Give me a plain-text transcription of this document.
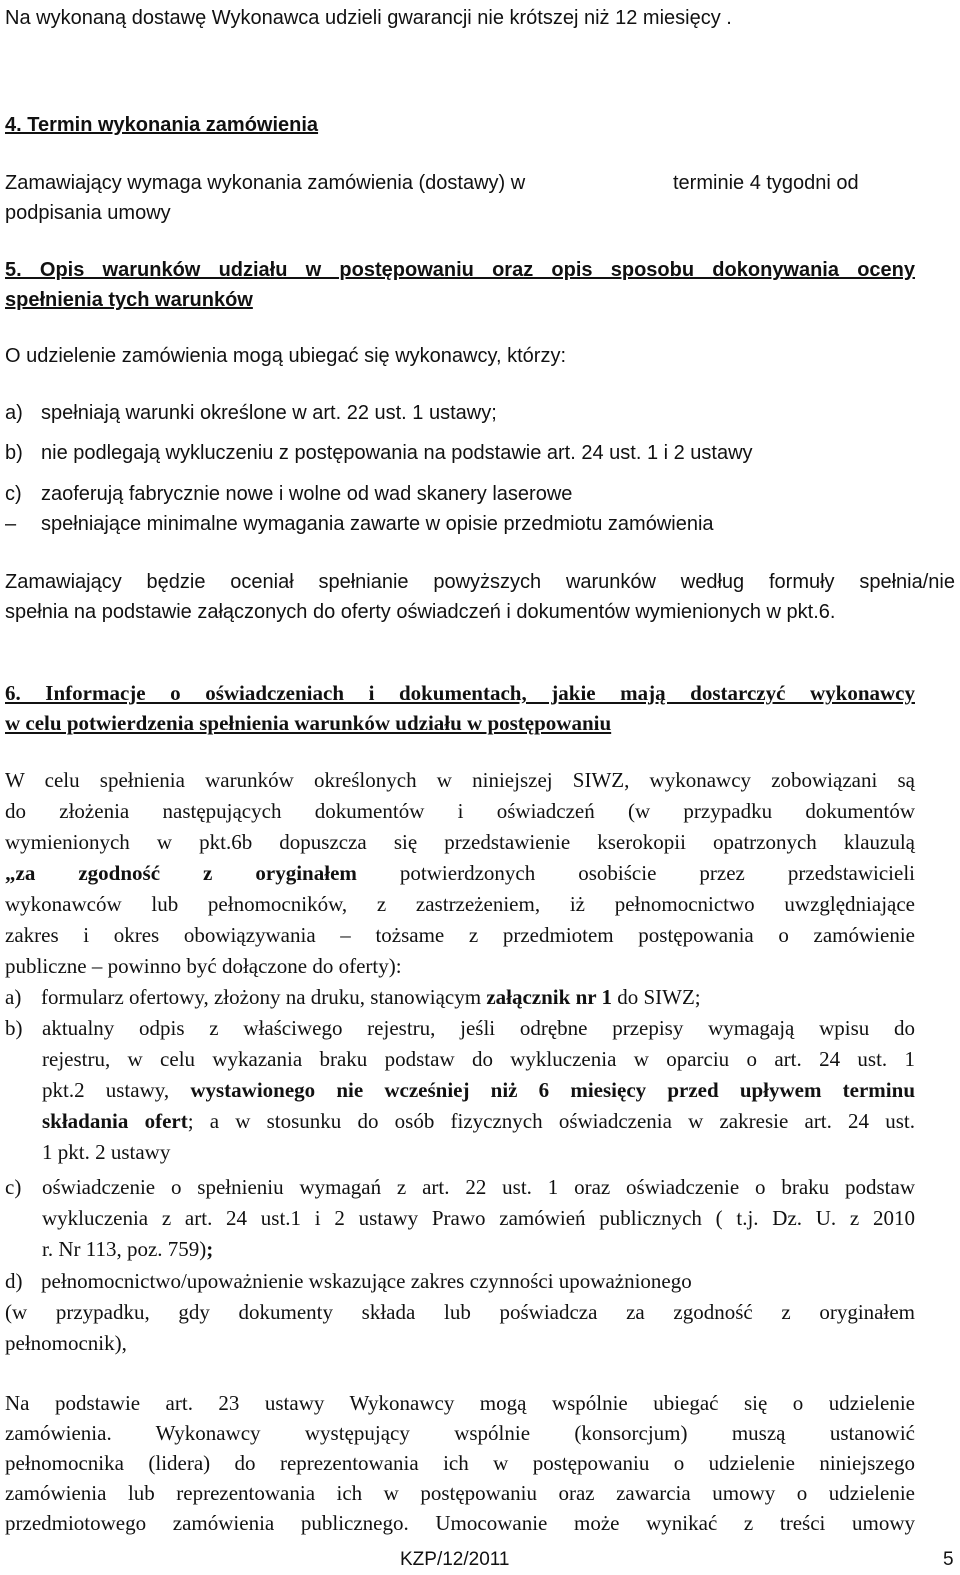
Na wykonaną dostawę Wykonawca udzieli gwarancji nie krótszej niż 12 miesięcy .
4. Termin wykonania zamówienia
Zamawiający wymaga wykonania zamówienia (dostawy) w	terminie 4 tygodni od
podpisania umowy
5. Opis warunków udziału w postępowaniu oraz opis sposobu dokonywania oceny
spełnienia tych warunków
O udzielenie zamówienia mogą ubiegać się wykonawcy, którzy:
a) spełniają warunki określone w art. 22 ust. 1 ustawy;
b) nie podlegają wykluczeniu z postępowania na podstawie art. 24 ust. 1 i 2 ustawy
c) zaoferują fabrycznie nowe i wolne od wad skanery laserowe
– spełniające minimalne wymagania zawarte w opisie przedmiotu zamówienia
Zamawiający będzie oceniał spełnianie powyższych warunków według formuły spełnia/nie
spełnia na podstawie załączonych do oferty oświadczeń i dokumentów wymienionych w pkt.6.
6. Informacje o oświadczeniach i dokumentach, jakie mają dostarczyć wykonawcy
w celu potwierdzenia spełnienia warunków udziału w postępowaniu
W celu spełnienia warunków określonych w niniejszej SIWZ, wykonawcy zobowiązani są
do złożenia następujących dokumentów i oświadczeń (w przypadku dokumentów
wymienionych w pkt.6b dopuszcza się przedstawienie kserokopii opatrzonych klauzulą
„za zgodność z oryginałem potwierdzonych osobiście przez przedstawicieli
wykonawców lub pełnomocników, z zastrzeżeniem, iż pełnomocnictwo uwzględniające
zakres i okres obowiązywania – tożsame z przedmiotem postępowania o zamówienie
publiczne – powinno być dołączone do oferty):
a) formularz ofertowy, złożony na druku, stanowiącym załącznik nr 1 do SIWZ;
b) aktualny odpis z właściwego rejestru, jeśli odrębne przepisy wymagają wpisu do
rejestru, w celu wykazania braku podstaw do wykluczenia w oparciu o art. 24 ust. 1
pkt.2 ustawy, wystawionego nie wcześniej niż 6 miesięcy przed upływem terminu
składania ofert; a w stosunku do osób fizycznych oświadczenia w zakresie art. 24 ust.
1 pkt. 2 ustawy
c) oświadczenie o spełnieniu wymagań z art. 22 ust. 1 oraz oświadczenie o braku podstaw
wykluczenia z art. 24 ust.1 i 2 ustawy Prawo zamówień publicznych ( t.j. Dz. U. z 2010
r. Nr 113, poz. 759);
d) pełnomocnictwo/upoważnienie wskazujące zakres czynności upoważnionego
(w przypadku, gdy dokumenty składa lub poświadcza za zgodność z oryginałem
pełnomocnik),
Na podstawie art. 23 ustawy Wykonawcy mogą wspólnie ubiegać się o udzielenie
zamówienia. Wykonawcy występujący wspólnie (konsorcjum) muszą ustanowić
pełnomocnika (lidera) do reprezentowania ich w postępowaniu o udzielenie niniejszego
zamówienia lub reprezentowania ich w postępowaniu oraz zawarcia umowy o udzielenie
przedmiotowego zamówienia publicznego. Umocowanie może wynikać z treści umowy
KZP/12/2011	5
